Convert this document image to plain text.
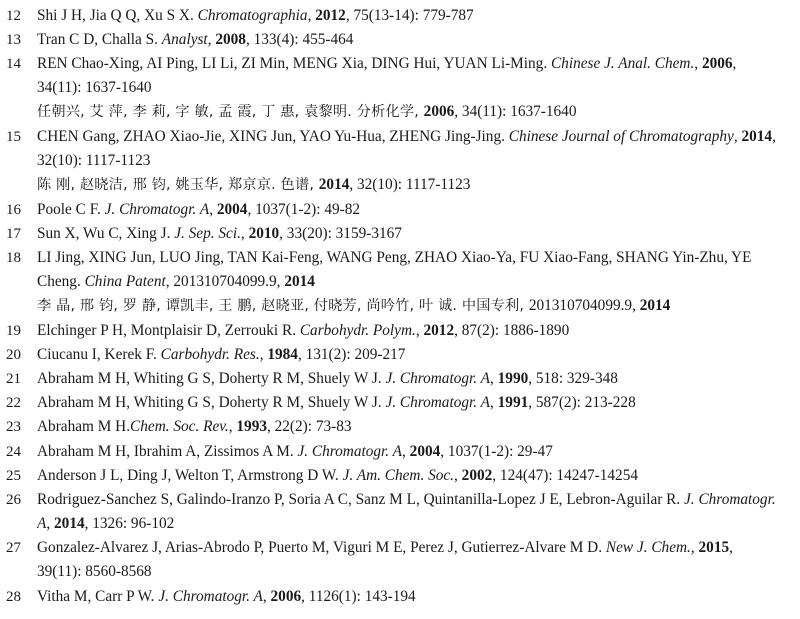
12 Shi J H, Jia Q Q, Xu S X. Chromatographia, 2012, 75(13-14): 779-787
13 Tran C D, Challa S. Analyst, 2008, 133(4): 455-464
14 REN Chao-Xing, AI Ping, LI Li, ZI Min, MENG Xia, DING Hui, YUAN Li-Ming. Chinese J. Anal. Chem., 2006,
34(11): 1637-1640
任朝兴, 艾 萍, 李 莉, 字 敏, 孟 霞, 丁 惠, 袁黎明. 分析化学, 2006, 34(11): 1637-1640
15 CHEN Gang, ZHAO Xiao-Jie, XING Jun, YAO Yu-Hua, ZHENG Jing-Jing. Chinese Journal of Chromatography, 2014,
32(10): 1117-1123
陈 刚, 赵晓洁, 邢 钧, 姚玉华, 郑京京. 色谱, 2014, 32(10): 1117-1123
16 Poole C F. J. Chromatogr. A, 2004, 1037(1-2): 49-82
17 Sun X, Wu C, Xing J. J. Sep. Sci., 2010, 33(20): 3159-3167
18 LI Jing, XING Jun, LUO Jing, TAN Kai-Feng, WANG Peng, ZHAO Xiao-Ya, FU Xiao-Fang, SHANG Yin-Zhu, YE
Cheng. China Patent, 201310704099.9, 2014
李 晶, 邢 钧, 罗 静, 谭凯丰, 王 鹏, 赵晓亚, 付晓芳, 尚吟竹, 叶 诚. 中国专利, 201310704099.9, 2014
19 Elchinger P H, Montplaisir D, Zerrouki R. Carbohydr. Polym., 2012, 87(2): 1886-1890
20 Ciucanu I, Kerek F. Carbohydr. Res., 1984, 131(2): 209-217
21 Abraham M H, Whiting G S, Doherty R M, Shuely W J. J. Chromatogr. A, 1990, 518: 329-348
22 Abraham M H, Whiting G S, Doherty R M, Shuely W J. J. Chromatogr. A, 1991, 587(2): 213-228
23 Abraham M H.Chem. Soc. Rev., 1993, 22(2): 73-83
24 Abraham M H, Ibrahim A, Zissimos A M. J. Chromatogr. A, 2004, 1037(1-2): 29-47
25 Anderson J L, Ding J, Welton T, Armstrong D W. J. Am. Chem. Soc., 2002, 124(47): 14247-14254
26 Rodriguez-Sanchez S, Galindo-Iranzo P, Soria A C, Sanz M L, Quintanilla-Lopez J E, Lebron-Aguilar R. J. Chromatogr.
A, 2014, 1326: 96-102
27 Gonzalez-Alvarez J, Arias-Abrodo P, Puerto M, Viguri M E, Perez J, Gutierrez-Alvare M D. New J. Chem., 2015,
39(11): 8560-8568
28 Vitha M, Carr P W. J. Chromatogr. A, 2006, 1126(1): 143-194
